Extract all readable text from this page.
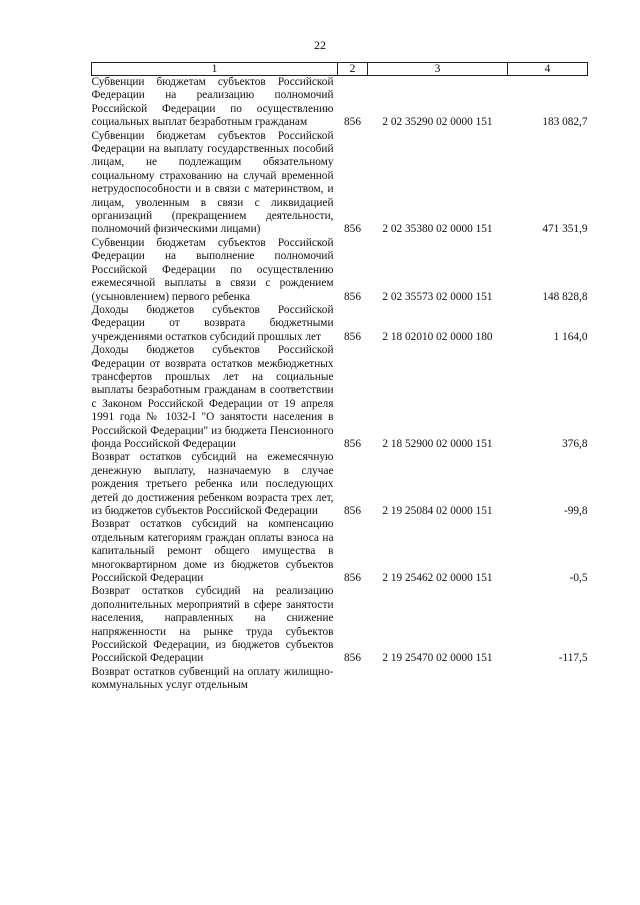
22
1	2	3	4
Субвенции бюджетам субъектов Российской Федерации на реализацию полномочий Российской Федерации по осуществлению социальных выплат безработным гражданам	856	2 02 35290 02 0000 151	183 082,7
Субвенции бюджетам субъектов Российской Федерации на выплату государственных пособий лицам, не подлежащим обязательному социальному страхованию на случай временной нетрудоспособности и в связи с материнством, и лицам, уволенным в связи с ликвидацией организаций (прекращением деятельности, полномочий физическими лицами)	856	2 02 35380 02 0000 151	471 351,9
Субвенции бюджетам субъектов Российской Федерации на выполнение полномочий Российской Федерации по осуществлению ежемесячной выплаты в связи с рождением (усыновлением) первого ребенка	856	2 02 35573 02 0000 151	148 828,8
Доходы бюджетов субъектов Российской Федерации от возврата бюджетными учреждениями остатков субсидий прошлых лет	856	2 18 02010 02 0000 180	1 164,0
Доходы бюджетов субъектов Российской Федерации от возврата остатков межбюджетных трансфертов прошлых лет на социальные выплаты безработным гражданам в соответствии с Законом Российской Федерации от 19 апреля 1991 года № 1032-I "О занятости населения в Российской Федерации" из бюджета Пенсионного фонда Российской Федерации	856	2 18 52900 02 0000 151	376,8
Возврат остатков субсидий на ежемесячную денежную выплату, назначаемую в случае рождения третьего ребенка или последующих детей до достижения ребенком возраста трех лет, из бюджетов субъектов Российской Федерации	856	2 19 25084 02 0000 151	-99,8
Возврат остатков субсидий на компенсацию отдельным категориям граждан оплаты взноса на капитальный ремонт общего имущества в многоквартирном доме из бюджетов субъектов Российской Федерации	856	2 19 25462 02 0000 151	-0,5
Возврат остатков субсидий на реализацию дополнительных мероприятий в сфере занятости населения, направленных на снижение напряженности на рынке труда субъектов Российской Федерации, из бюджетов субъектов Российской Федерации	856	2 19 25470 02 0000 151	-117,5
Возврат остатков субвенций на оплату жилищно-коммунальных услуг отдельным			
